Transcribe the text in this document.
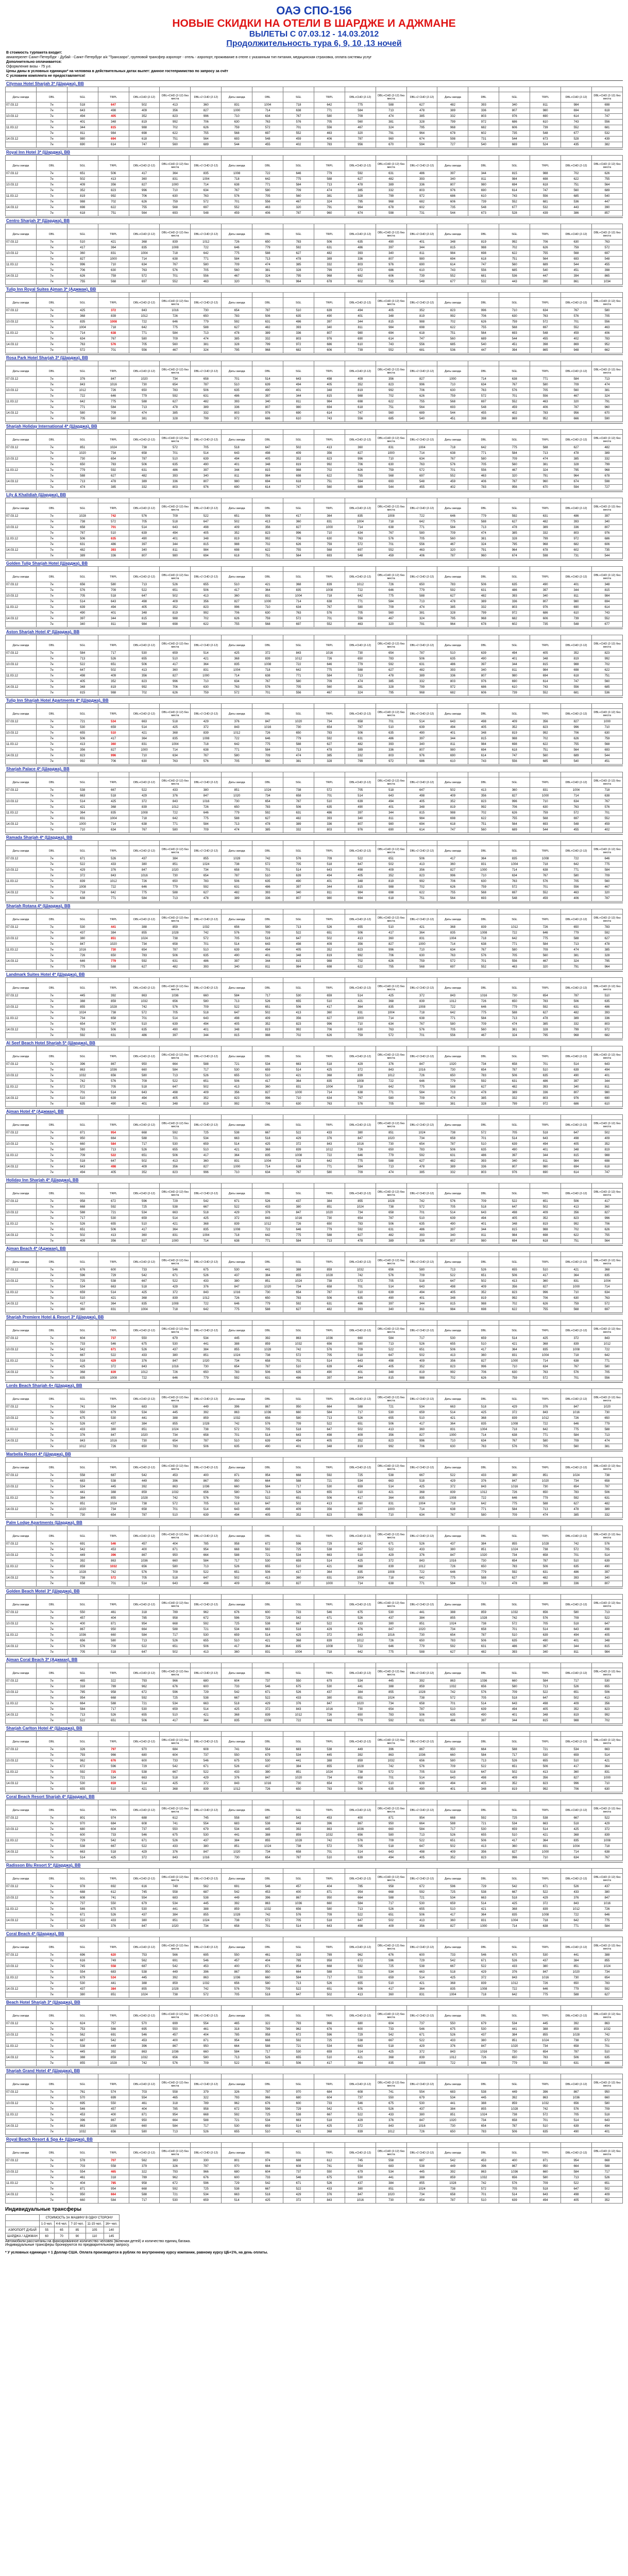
ОАЭ СПО-156
НОВЫЕ СКИДКИ НА ОТЕЛИ В ШАРДЖЕ И АДЖМАНЕ
ВЫЛЕТЫ С 07.03.12 - 14.03.2012
Продолжительность тура 6, 9, 10 ,13 ночей
В стоимость турпакета входит:
авиаперелет Санкт-Петербург - Дубай - Санкт-Петербург а/к "Трансаэро", групповой трансфер аэропорт - отель - аэропорт, проживание в отеле с указанным тип питания, медицинская страховка, оплата системы услуг
Дополнительно оплачивается:
Оформление визы - 75 у.е.
Цены даны в условных единицах* на человека в действительных датах вылет: данное гостеприимство по запросу за счёт
С условием комплекта не предоставляется!
Citymax Hotel Sharjah 3* (Шарджа), BB

Даты заезда	DBL	SGL	TRPL	DBL+CHD (2-12)	DBL+CHD (2-12) без места	DBL+2 CHD (2-12)	Даты заезда	DBL	SGL	TRPL	DBL+CHD (2-12)	DBL+CHD (2-12) без места	DBL+2 CHD (2-12)	Даты заезда	DBL	SGL	TRPL	DBL+CHD (2-12)	DBL+CHD (2-12) без места
07.03.12	7н	518	647	502	413	360	831	1004	718	642	775	588	627	482	393	340	811	984	698
	7н	643	498	409	356	827	1000	714	638	771	584	713	478	389	336	807	980	694	618
10.03.12	7н	494	405	352	823	996	710	634	767	580	709	474	385	332	803	976	690	614	747
	7н	401	348	819	992	706	630	763	576	705	560	381	328	799	972	686	610	743	556
11.03.12	7н	344	815	988	702	626	759	572	701	556	467	324	795	968	682	606	739	552	681
	7н	811	984	698	622	755	568	697	552	463	320	791	964	678	602	735	548	677	532
14.03.12	7н	980	694	618	751	564	693	548	459	406	787	960	674	598	731	544	673	528	439
	7н	690	614	747	560	689	544	455	402	783	956	670	594	727	540	669	524	435	382
Royal Inn Hotel 3* (Шарджа), BB

Даты заезда	DBL	SGL	TRPL	DBL+CHD (2-12)	DBL+CHD (2-12) без места	DBL+2 CHD (2-12)	Даты заезда	DBL	SGL	TRPL	DBL+CHD (2-12)	DBL+CHD (2-12) без места	DBL+2 CHD (2-12)	Даты заезда	DBL	SGL	TRPL	DBL+CHD (2-12)	DBL+CHD (2-12) без места
07.03.12	7н	651	506	417	364	835	1008	722	646	779	592	631	486	397	344	815	988	702	626
	7н	502	413	360	831	1004	718	642	775	588	627	482	393	340	811	984	698	622	755
10.03.12	7н	409	356	827	1000	714	638	771	584	713	478	389	336	807	980	694	618	751	564
	7н	352	823	996	710	634	767	580	709	474	385	332	803	976	690	614	747	560	689
11.03.12	7н	819	992	706	630	763	576	705	560	381	328	799	972	686	610	743	556	685	540
	7н	988	702	626	759	572	701	556	467	324	795	968	682	606	739	552	681	536	447
14.03.12	7н	698	622	755	568	697	552	463	320	791	964	678	602	735	548	677	532	443	390
	7н	618	751	564	693	548	459	406	787	960	674	598	731	544	673	528	439	386	857
Centro Sharjah 3* (Шарджа), BB

Даты заезда	DBL	SGL	TRPL	DBL+CHD (2-12)	DBL+CHD (2-12) без места	DBL+2 CHD (2-12)	Даты заезда	DBL	SGL	TRPL	DBL+CHD (2-12)	DBL+CHD (2-12) без места	DBL+2 CHD (2-12)	Даты заезда	DBL	SGL	TRPL	DBL+CHD (2-12)	DBL+CHD (2-12) без места
07.03.12	7н	510	421	368	839	1012	726	650	783	506	635	490	401	348	819	992	706	630	763
	7н	417	364	835	1008	722	646	779	592	631	486	397	344	815	988	702	626	759	572
10.03.12	7н	360	831	1004	718	642	775	588	627	482	393	340	811	984	698	622	755	568	697
	7н	827	1000	714	638	771	584	713	478	389	336	807	980	694	618	751	564	693	548
11.03.12	7н	996	710	634	767	580	709	474	385	332	803	976	690	614	747	560	689	544	455
	7н	706	630	763	576	705	560	381	328	799	972	686	610	743	556	685	540	451	398
14.03.12	7н	626	759	572	701	556	467	324	795	968	682	606	739	552	681	536	447	394	865
	7н	755	568	697	552	463	320	791	964	678	602	735	548	677	532	443	390	861	1034
Tulip Inn Royal Suites Ajman 3* (Аджман), BB

Даты заезда	DBL	SGL	TRPL	DBL+CHD (2-12)	DBL+CHD (2-12) без места	DBL+2 CHD (2-12)	Даты заезда	DBL	SGL	TRPL	DBL+CHD (2-12)	DBL+CHD (2-12) без места	DBL+2 CHD (2-12)	Даты заезда	DBL	SGL	TRPL	DBL+CHD (2-12)	DBL+CHD (2-12) без места
07.03.12	7н	425	372	843	1016	730	654	787	510	639	494	405	352	823	996	710	634	767	580
	7н	368	839	1012	726	650	783	506	635	490	401	348	819	992	706	630	763	576	705
10.03.12	7н	835	1008	722	646	779	592	631	486	397	344	815	988	702	626	759	572	701	556
	7н	1004	718	642	775	588	627	482	393	340	811	984	698	622	755	568	697	552	463
11.03.12	7н	714	638	771	584	713	478	389	336	807	980	694	618	751	564	693	548	459	406
	7н	634	767	580	709	474	385	332	803	976	690	614	747	560	689	544	455	402	783
14.03.12	7н	763	576	705	560	381	328	799	972	686	610	743	556	685	540	451	398	869	952
	7н	572	701	556	467	324	795	968	682	606	739	552	681	536	447	394	865	948	662
Rosa Park Hotel Sharjah 3* (Шарджа), BB

Даты заезда	DBL	SGL	TRPL	DBL+CHD (2-12)	DBL+CHD (2-12) без места	DBL+2 CHD (2-12)	Даты заезда	DBL	SGL	TRPL	DBL+CHD (2-12)	DBL+CHD (2-12) без места	DBL+2 CHD (2-12)	Даты заезда	DBL	SGL	TRPL	DBL+CHD (2-12)	DBL+CHD (2-12) без места
07.03.12	7н	376	847	1020	734	658	701	514	643	498	409	356	827	1000	714	638	771	584	713
	7н	843	1016	730	654	787	510	639	494	405	352	823	996	710	634	767	580	709	474
10.03.12	7н	1012	726	650	783	506	635	490	401	348	819	992	706	630	763	576	705	560	381
	7н	722	646	779	592	631	486	397	344	815	988	702	626	759	572	701	556	467	324
11.03.12	7н	642	775	588	627	482	393	340	811	984	698	622	755	568	697	552	463	320	791
	7н	771	584	713	478	389	336	807	980	694	618	751	564	693	548	459	406	787	960
14.03.12	7н	580	709	474	385	332	803	976	690	614	747	560	689	544	455	402	783	956	670
	7н	705	560	381	328	799	972	686	610	743	556	685	540	451	398	869	952	666	590
Sharjah Holiday International 4* (Шарджа), BB

Даты заезда	DBL	SGL	TRPL	DBL+CHD (2-12)	DBL+CHD (2-12) без места	DBL+2 CHD (2-12)	Даты заезда	DBL	SGL	TRPL	DBL+CHD (2-12)	DBL+CHD (2-12) без места	DBL+2 CHD (2-12)	Даты заезда	DBL	SGL	TRPL	DBL+CHD (2-12)	DBL+CHD (2-12) без места
07.03.12	7н	851	1024	738	572	705	518	647	502	413	360	831	1004	718	642	775	588	627	482
	7н	1020	734	658	701	514	643	498	409	356	827	1000	714	638	771	584	713	478	389
10.03.12	7н	730	654	787	510	639	494	405	352	823	996	710	634	767	580	709	474	385	332
	7н	650	783	506	635	490	401	348	819	992	706	630	763	576	705	560	381	328	799
11.03.12	7н	779	592	631	486	397	344	815	988	702	626	759	572	701	556	467	324	795	968
	7н	588	627	482	393	340	811	984	698	622	755	568	697	552	463	320	791	964	678
14.03.12	7н	713	478	389	336	807	980	694	618	751	564	693	548	459	406	787	960	674	598
	7н	474	385	332	803	976	690	614	747	560	689	544	455	402	783	956	670	594	727
Lily & Khalidiah (Шарджа), BB

Даты заезда	DBL	SGL	TRPL	DBL+CHD (2-12)	DBL+CHD (2-12) без места	DBL+2 CHD (2-12)	Даты заезда	DBL	SGL	TRPL	DBL+CHD (2-12)	DBL+CHD (2-12) без места	DBL+2 CHD (2-12)	Даты заезда	DBL	SGL	TRPL	DBL+CHD (2-12)	DBL+CHD (2-12) без места
07.03.12	7н	1028	742	576	709	522	651	506	417	364	835	1008	722	646	779	592	631	486	397
	7н	738	572	705	518	647	502	413	360	831	1004	718	642	775	588	627	482	393	340
10.03.12	7н	658	701	514	643	498	409	356	827	1000	714	638	771	584	713	478	389	336	807
	7н	787	510	639	494	405	352	823	996	710	634	767	580	709	474	385	332	803	976
11.03.12	7н	506	635	490	401	348	819	992	706	630	763	576	705	560	381	328	799	972	686
	7н	631	486	397	344	815	988	702	626	759	572	701	556	467	324	795	968	682	606
14.03.12	7н	482	393	340	811	984	698	622	755	568	697	552	463	320	791	964	678	602	735
	7н	389	336	807	980	694	618	751	564	693	548	459	406	787	960	674	598	731	544
Golden Tulip Sharjah Hotel (Шарджа), BB

Даты заезда	DBL	SGL	TRPL	DBL+CHD (2-12)	DBL+CHD (2-12) без места	DBL+2 CHD (2-12)	Даты заезда	DBL	SGL	TRPL	DBL+CHD (2-12)	DBL+CHD (2-12) без места	DBL+2 CHD (2-12)	Даты заезда	DBL	SGL	TRPL	DBL+CHD (2-12)	DBL+CHD (2-12) без места
07.03.12	7н	656	580	713	526	655	510	421	368	839	1012	726	650	783	506	635	490	401	348
	7н	576	709	522	651	506	417	364	835	1008	722	646	779	592	631	486	397	344	815
10.03.12	7н	705	518	647	502	413	360	831	1004	718	642	775	588	627	482	393	340	811	984
	7н	514	643	498	409	356	827	1000	714	638	771	584	713	478	389	336	807	980	694
11.03.12	7н	639	494	405	352	823	996	710	634	767	580	709	474	385	332	803	976	690	614
	7н	490	401	348	819	992	706	630	763	576	705	560	381	328	799	972	686	610	743
14.03.12	7н	397	344	815	988	702	626	759	572	701	556	467	324	795	968	682	606	739	552
	7н	340	811	984	698	622	755	568	697	552	463	320	791	964	678	602	735	548	677
Aston Sharjah Hotel 4* (Шарджа), BB

Даты заезда	DBL	SGL	TRPL	DBL+CHD (2-12)	DBL+CHD (2-12) без места	DBL+2 CHD (2-12)	Даты заезда	DBL	SGL	TRPL	DBL+CHD (2-12)	DBL+CHD (2-12) без места	DBL+2 CHD (2-12)	Даты заезда	DBL	SGL	TRPL	DBL+CHD (2-12)	DBL+CHD (2-12) без места
07.03.12	7н	584	717	530	659	514	425	372	843	1016	730	654	787	510	639	494	405	352	823
	7н	713	526	655	510	421	368	839	1012	726	650	783	506	635	490	401	348	819	992
10.03.12	7н	522	651	506	417	364	835	1008	722	646	779	592	631	486	397	344	815	988	702
	7н	647	502	413	360	831	1004	718	642	775	588	627	482	393	340	811	984	698	622
11.03.12	7н	498	409	356	827	1000	714	638	771	584	713	478	389	336	807	980	694	618	751
	7н	405	352	823	996	710	634	767	580	709	474	385	332	803	976	690	614	747	560
14.03.12	7н	348	819	992	706	630	763	576	705	560	381	328	799	972	686	610	743	556	685
	7н	815	988	702	626	759	572	701	556	467	324	795	968	682	606	739	552	681	536
Tulip Inn Sharjah Hotel Apartments 4* (Шарджа), BB

Даты заезда	DBL	SGL	TRPL	DBL+CHD (2-12)	DBL+CHD (2-12) без места	DBL+2 CHD (2-12)	Даты заезда	DBL	SGL	TRPL	DBL+CHD (2-12)	DBL+CHD (2-12) без места	DBL+2 CHD (2-12)	Даты заезда	DBL	SGL	TRPL	DBL+CHD (2-12)	DBL+CHD (2-12) без места
07.03.12	7н	721	534	663	518	429	376	847	1020	734	658	701	514	643	498	409	356	827	1000
	7н	530	659	514	425	372	843	1016	730	654	787	510	639	494	405	352	823	996	710
10.03.12	7н	655	510	421	368	839	1012	726	650	783	506	635	490	401	348	819	992	706	630
	7н	506	417	364	835	1008	722	646	779	592	631	486	397	344	815	988	702	626	759
11.03.12	7н	413	360	831	1004	718	642	775	588	627	482	393	340	811	984	698	622	755	568
	7н	356	827	1000	714	638	771	584	713	478	389	336	807	980	694	618	751	564	693
14.03.12	7н	823	996	710	634	767	580	709	474	385	332	803	976	690	614	747	560	689	544
	7н	992	706	630	763	576	705	560	381	328	799	972	686	610	743	556	685	540	451
Sharjah Palace 4* (Шарджа), BB

Даты заезда	DBL	SGL	TRPL	DBL+CHD (2-12)	DBL+CHD (2-12) без места	DBL+2 CHD (2-12)	Даты заезда	DBL	SGL	TRPL	DBL+CHD (2-12)	DBL+CHD (2-12) без места	DBL+2 CHD (2-12)	Даты заезда	DBL	SGL	TRPL	DBL+CHD (2-12)	DBL+CHD (2-12) без места
07.03.12	7н	538	667	522	433	380	851	1024	738	572	705	518	647	502	413	360	831	1004	718
	7н	663	518	429	376	847	1020	734	658	701	514	643	498	409	356	827	1000	714	638
10.03.12	7н	514	425	372	843	1016	730	654	787	510	639	494	405	352	823	996	710	634	767
	7н	421	368	839	1012	726	650	783	506	635	490	401	348	819	992	706	630	763	576
11.03.12	7н	364	835	1008	722	646	779	592	631	486	397	344	815	988	702	626	759	572	701
	7н	831	1004	718	642	775	588	627	482	393	340	811	984	698	622	755	568	697	552
14.03.12	7н	1000	714	638	771	584	713	478	389	336	807	980	694	618	751	564	693	548	459
	7н	710	634	767	580	709	474	385	332	803	976	690	614	747	560	689	544	455	402
Ramada Sharjah 4* (Шарджа), BB

Даты заезда	DBL	SGL	TRPL	DBL+CHD (2-12)	DBL+CHD (2-12) без места	DBL+2 CHD (2-12)	Даты заезда	DBL	SGL	TRPL	DBL+CHD (2-12)	DBL+CHD (2-12) без места	DBL+2 CHD (2-12)	Даты заезда	DBL	SGL	TRPL	DBL+CHD (2-12)	DBL+CHD (2-12) без места
07.03.12	7н	671	526	437	384	855	1028	742	576	709	522	651	506	417	364	835	1008	722	646
	7н	522	433	380	851	1024	738	572	705	518	647	502	413	360	831	1004	718	642	775
10.03.12	7н	429	376	847	1020	734	658	701	514	643	498	409	356	827	1000	714	638	771	584
	7н	372	843	1016	730	654	787	510	639	494	405	352	823	996	710	634	767	580	709
11.03.12	7н	839	1012	726	650	783	506	635	490	401	348	819	992	706	630	763	576	705	560
	7н	1008	722	646	779	592	631	486	397	344	815	988	702	626	759	572	701	556	467
14.03.12	7н	718	642	775	588	627	482	393	340	811	984	698	622	755	568	697	552	463	320
	7н	638	771	584	713	478	389	336	807	980	694	618	751	564	693	548	459	406	787
Sharjah Rotana 4* (Шарджа), BB

Даты заезда	DBL	SGL	TRPL	DBL+CHD (2-12)	DBL+CHD (2-12) без места	DBL+2 CHD (2-12)	Даты заезда	DBL	SGL	TRPL	DBL+CHD (2-12)	DBL+CHD (2-12) без места	DBL+2 CHD (2-12)	Даты заезда	DBL	SGL	TRPL	DBL+CHD (2-12)	DBL+CHD (2-12) без места
07.03.12	7н	530	441	388	859	1032	656	580	713	526	655	510	421	368	839	1012	726	650	783
	7н	437	384	855	1028	742	576	709	522	651	506	417	364	835	1008	722	646	779	592
10.03.12	7н	380	851	1024	738	572	705	518	647	502	413	360	831	1004	718	642	775	588	627
	7н	847	1020	734	658	701	514	643	498	409	356	827	1000	714	638	771	584	713	478
11.03.12	7н	1016	730	654	787	510	639	494	405	352	823	996	710	634	767	580	709	474	385
	7н	726	650	783	506	635	490	401	348	819	992	706	630	763	576	705	560	381	328
14.03.12	7н	646	779	592	631	486	397	344	815	988	702	626	759	572	701	556	467	324	795
	7н	775	588	627	482	393	340	811	984	698	622	755	568	697	552	463	320	791	964
Landmark Suites Hotel 4* (Шарджа), BB

Даты заезда	DBL	SGL	TRPL	DBL+CHD (2-12)	DBL+CHD (2-12) без места	DBL+2 CHD (2-12)	Даты заезда	DBL	SGL	TRPL	DBL+CHD (2-12)	DBL+CHD (2-12) без места	DBL+2 CHD (2-12)	Даты заезда	DBL	SGL	TRPL	DBL+CHD (2-12)	DBL+CHD (2-12) без места
07.03.12	7н	445	392	863	1036	660	584	717	530	659	514	425	372	843	1016	730	654	787	510
	7н	388	859	1032	656	580	713	526	655	510	421	368	839	1012	726	650	783	506	635
10.03.12	7н	855	1028	742	576	709	522	651	506	417	364	835	1008	722	646	779	592	631	486
	7н	1024	738	572	705	518	647	502	413	360	831	1004	718	642	775	588	627	482	393
11.03.12	7н	734	658	701	514	643	498	409	356	827	1000	714	638	771	584	713	478	389	336
	7н	654	787	510	639	494	405	352	823	996	710	634	767	580	709	474	385	332	803
14.03.12	7н	783	506	635	490	401	348	819	992	706	630	763	576	705	560	381	328	799	972
	7н	592	631	486	397	344	815	988	702	626	759	572	701	556	467	324	795	968	682
Al Seef Beach Hotel Sharjah 5* (Шарджа), BB

Даты заезда	DBL	SGL	TRPL	DBL+CHD (2-12)	DBL+CHD (2-12) без места	DBL+2 CHD (2-12)	Даты заезда	DBL	SGL	TRPL	DBL+CHD (2-12)	DBL+CHD (2-12) без места	DBL+2 CHD (2-12)	Даты заезда	DBL	SGL	TRPL	DBL+CHD (2-12)	DBL+CHD (2-12) без места
07.03.12	7н	396	867	950	664	588	721	534	663	518	429	376	847	1020	734	658	701	514	643
	7н	863	1036	660	584	717	530	659	514	425	372	843	1016	730	654	787	510	639	494
10.03.12	7н	1032	656	580	713	526	655	510	421	368	839	1012	726	650	783	506	635	490	401
	7н	742	576	709	522	651	506	417	364	835	1008	722	646	779	592	631	486	397	344
11.03.12	7н	572	705	518	647	502	413	360	831	1004	718	642	775	588	627	482	393	340	811
	7н	701	514	643	498	409	356	827	1000	714	638	771	584	713	478	389	336	807	980
14.03.12	7н	510	639	494	405	352	823	996	710	634	767	580	709	474	385	332	803	976	690
	7н	635	490	401	348	819	992	706	630	763	576	705	560	381	328	799	972	686	610
Ajman Hotel 4* (Аджман), BB

Даты заезда	DBL	SGL	TRPL	DBL+CHD (2-12)	DBL+CHD (2-12) без места	DBL+2 CHD (2-12)	Даты заезда	DBL	SGL	TRPL	DBL+CHD (2-12)	DBL+CHD (2-12) без места	DBL+2 CHD (2-12)	Даты заезда	DBL	SGL	TRPL	DBL+CHD (2-12)	DBL+CHD (2-12) без места
07.03.12	7н	871	954	668	592	725	538	667	522	433	380	851	1024	738	572	705	518	647	502
	7н	950	664	588	721	534	663	518	429	376	847	1020	734	658	701	514	643	498	409
10.03.12	7н	660	584	717	530	659	514	425	372	843	1016	730	654	787	510	639	494	405	352
	7н	580	713	526	655	510	421	368	839	1012	726	650	783	506	635	490	401	348	819
11.03.12	7н	709	522	651	506	417	364	835	1008	722	646	779	592	631	486	397	344	815	988
	7н	518	647	502	413	360	831	1004	718	642	775	588	627	482	393	340	811	984	698
14.03.12	7н	643	498	409	356	827	1000	714	638	771	584	713	478	389	336	807	980	694	618
	7н	494	405	352	823	996	710	634	767	580	709	474	385	332	803	976	690	614	747
Holiday Inn Sharjah 4* (Шарджа), BB

Даты заезда	DBL	SGL	TRPL	DBL+CHD (2-12)	DBL+CHD (2-12) без места	DBL+2 CHD (2-12)	Даты заезда	DBL	SGL	TRPL	DBL+CHD (2-12)	DBL+CHD (2-12) без места	DBL+2 CHD (2-12)	Даты заезда	DBL	SGL	TRPL	DBL+CHD (2-12)	DBL+CHD (2-12) без места
07.03.12	7н	958	672	596	729	542	671	526	437	384	855	1028	742	576	709	522	651	506	417
	7н	668	592	725	538	667	522	433	380	851	1024	738	572	705	518	647	502	413	360
10.03.12	7н	588	721	534	663	518	429	376	847	1020	734	658	701	514	643	498	409	356	827
	7н	717	530	659	514	425	372	843	1016	730	654	787	510	639	494	405	352	823	996
11.03.12	7н	526	655	510	421	368	839	1012	726	650	783	506	635	490	401	348	819	992	706
	7н	651	506	417	364	835	1008	722	646	779	592	631	486	397	344	815	988	702	626
14.03.12	7н	502	413	360	831	1004	718	642	775	588	627	482	393	340	811	984	698	622	755
	7н	409	356	827	1000	714	638	771	584	713	478	389	336	807	980	694	618	751	564
Ajman Beach 4* (Аджман), BB

Даты заезда	DBL	SGL	TRPL	DBL+CHD (2-12)	DBL+CHD (2-12) без места	DBL+2 CHD (2-12)	Даты заезда	DBL	SGL	TRPL	DBL+CHD (2-12)	DBL+CHD (2-12) без места	DBL+2 CHD (2-12)	Даты заезда	DBL	SGL	TRPL	DBL+CHD (2-12)	DBL+CHD (2-12) без места
07.03.12	7н	676	600	733	546	675	530	441	388	859	1032	656	580	713	526	655	510	421	368
	7н	596	729	542	671	526	437	384	855	1028	742	576	709	522	651	506	417	364	835
10.03.12	7н	725	538	667	522	433	380	851	1024	738	572	705	518	647	502	413	360	831	1004
	7н	534	663	518	429	376	847	1020	734	658	701	514	643	498	409	356	827	1000	714
11.03.12	7н	659	514	425	372	843	1016	730	654	787	510	639	494	405	352	823	996	710	634
	7н	510	421	368	839	1012	726	650	783	506	635	490	401	348	819	992	706	630	763
14.03.12	7н	417	364	835	1008	722	646	779	592	631	486	397	344	815	988	702	626	759	572
	7н	360	831	1004	718	642	775	588	627	482	393	340	811	984	698	622	755	568	697
Sharjah Premiere Hotel & Resort 3* (Шарджа), BB

Даты заезда	DBL	SGL	TRPL	DBL+CHD (2-12)	DBL+CHD (2-12) без места	DBL+2 CHD (2-12)	Даты заезда	DBL	SGL	TRPL	DBL+CHD (2-12)	DBL+CHD (2-12) без места	DBL+2 CHD (2-12)	Даты заезда	DBL	SGL	TRPL	DBL+CHD (2-12)	DBL+CHD (2-12) без места
07.03.12	7н	604	737	550	679	534	445	392	863	1036	660	584	717	530	659	514	425	372	843
	7н	733	546	675	530	441	388	859	1032	656	580	713	526	655	510	421	368	839	1012
10.03.12	7н	542	671	526	437	384	855	1028	742	576	709	522	651	506	417	364	835	1008	722
	7н	667	522	433	380	851	1024	738	572	705	518	647	502	413	360	831	1004	718	642
11.03.12	7н	518	429	376	847	1020	734	658	701	514	643	498	409	356	827	1000	714	638	771
	7н	425	372	843	1016	730	654	787	510	639	494	405	352	823	996	710	634	767	580
14.03.12	7н	368	839	1012	726	650	783	506	635	490	401	348	819	992	706	630	763	576	705
	7н	835	1008	722	646	779	592	631	486	397	344	815	988	702	626	759	572	701	556
Lords Beach Sharjah 4+ (Шарджа), BB

Даты заезда	DBL	SGL	TRPL	DBL+CHD (2-12)	DBL+CHD (2-12) без места	DBL+2 CHD (2-12)	Даты заезда	DBL	SGL	TRPL	DBL+CHD (2-12)	DBL+CHD (2-12) без места	DBL+2 CHD (2-12)	Даты заезда	DBL	SGL	TRPL	DBL+CHD (2-12)	DBL+CHD (2-12) без места
07.03.12	7н	741	554	683	538	449	396	867	950	664	588	721	534	663	518	429	376	847	1020
	7н	550	679	534	445	392	863	1036	660	584	717	530	659	514	425	372	843	1016	730
10.03.12	7н	675	530	441	388	859	1032	656	580	713	526	655	510	421	368	839	1012	726	650
	7н	526	437	384	855	1028	742	576	709	522	651	506	417	364	835	1008	722	646	779
11.03.12	7н	433	380	851	1024	738	572	705	518	647	502	413	360	831	1004	718	642	775	588
	7н	376	847	1020	734	658	701	514	643	498	409	356	827	1000	714	638	771	584	713
14.03.12	7н	843	1016	730	654	787	510	639	494	405	352	823	996	710	634	767	580	709	474
	7н	1012	726	650	783	506	635	490	401	348	819	992	706	630	763	576	705	560	381
Marbella Resort 4* (Шарджа), BB

Даты заезда	DBL	SGL	TRPL	DBL+CHD (2-12)	DBL+CHD (2-12) без места	DBL+2 CHD (2-12)	Даты заезда	DBL	SGL	TRPL	DBL+CHD (2-12)	DBL+CHD (2-12) без места	DBL+2 CHD (2-12)	Даты заезда	DBL	SGL	TRPL	DBL+CHD (2-12)	DBL+CHD (2-12) без места
07.03.12	7н	558	687	542	453	400	871	954	668	592	725	538	667	522	433	380	851	1024	738
	7н	683	538	449	396	867	950	664	588	721	534	663	518	429	376	847	1020	734	658
10.03.12	7н	534	445	392	863	1036	660	584	717	530	659	514	425	372	843	1016	730	654	787
	7н	441	388	859	1032	656	580	713	526	655	510	421	368	839	1012	726	650	783	506
11.03.12	7н	384	855	1028	742	576	709	522	651	506	417	364	835	1008	722	646	779	592	631
	7н	851	1024	738	572	705	518	647	502	413	360	831	1004	718	642	775	588	627	482
14.03.12	7н	1020	734	658	701	514	643	498	409	356	827	1000	714	638	771	584	713	478	389
	7н	730	654	787	510	639	494	405	352	823	996	710	634	767	580	709	474	385	332
Palm Lodge Apartments (Шарджа), BB

Даты заезда	DBL	SGL	TRPL	DBL+CHD (2-12)	DBL+CHD (2-12) без места	DBL+2 CHD (2-12)	Даты заезда	DBL	SGL	TRPL	DBL+CHD (2-12)	DBL+CHD (2-12) без места	DBL+2 CHD (2-12)	Даты заезда	DBL	SGL	TRPL	DBL+CHD (2-12)	DBL+CHD (2-12) без места
07.03.12	7н	691	546	457	404	785	958	672	596	729	542	671	526	437	384	855	1028	742	576
	7н	542	453	400	871	954	668	592	725	538	667	522	433	380	851	1024	738	572	705
10.03.12	7н	449	396	867	950	664	588	721	534	663	518	429	376	847	1020	734	658	701	514
	7н	392	863	1036	660	584	717	530	659	514	425	372	843	1016	730	654	787	510	639
11.03.12	7н	859	1032	656	580	713	526	655	510	421	368	839	1012	726	650	783	506	635	490
	7н	1028	742	576	709	522	651	506	417	364	835	1008	722	646	779	592	631	486	397
14.03.12	7н	738	572	705	518	647	502	413	360	831	1004	718	642	775	588	627	482	393	340
	7н	658	701	514	643	498	409	356	827	1000	714	638	771	584	713	478	389	336	807
Golden Beach Motel 3* (Шарджа), BB

Даты заезда	DBL	SGL	TRPL	DBL+CHD (2-12)	DBL+CHD (2-12) без места	DBL+2 CHD (2-12)	Даты заезда	DBL	SGL	TRPL	DBL+CHD (2-12)	DBL+CHD (2-12) без места	DBL+2 CHD (2-12)	Даты заезда	DBL	SGL	TRPL	DBL+CHD (2-12)	DBL+CHD (2-12) без места
07.03.12	7н	550	461	318	789	962	676	600	733	546	675	530	441	388	859	1032	656	580	713
	7н	457	404	785	958	672	596	729	542	671	526	437	384	855	1028	742	576	709	522
10.03.12	7н	400	871	954	668	592	725	538	667	522	433	380	851	1024	738	572	705	518	647
	7н	867	950	664	588	721	534	663	518	429	376	847	1020	734	658	701	514	643	498
11.03.12	7н	1036	660	584	717	530	659	514	425	372	843	1016	730	654	787	510	639	494	405
	7н	656	580	713	526	655	510	421	368	839	1012	726	650	783	506	635	490	401	348
14.03.12	7н	576	709	522	651	506	417	364	835	1008	722	646	779	592	631	486	397	344	815
	7н	705	518	647	502	413	360	831	1004	718	642	775	588	627	482	393	340	811	984
Ajman Coral Beach 3* (Аджман), BB

Даты заезда	DBL	SGL	TRPL	DBL+CHD (2-12)	DBL+CHD (2-12) без места	DBL+2 CHD (2-12)	Даты заезда	DBL	SGL	TRPL	DBL+CHD (2-12)	DBL+CHD (2-12) без места	DBL+2 CHD (2-12)	Даты заезда	DBL	SGL	TRPL	DBL+CHD (2-12)	DBL+CHD (2-12) без места
07.03.12	7н	465	322	793	966	680	604	737	550	679	534	445	392	863	1036	660	584	717	530
	7н	318	789	962	676	600	733	546	675	530	441	388	859	1032	656	580	713	526	655
10.03.12	7н	785	958	672	596	729	542	671	526	437	384	855	1028	742	576	709	522	651	506
	7н	954	668	592	725	538	667	522	433	380	851	1024	738	572	705	518	647	502	413
11.03.12	7н	664	588	721	534	663	518	429	376	847	1020	734	658	701	514	643	498	409	356
	7н	584	717	530	659	514	425	372	843	1016	730	654	787	510	639	494	405	352	823
14.03.12	7н	713	526	655	510	421	368	839	1012	726	650	783	506	635	490	401	348	819	992
	7н	522	651	506	417	364	835	1008	722	646	779	592	631	486	397	344	815	988	702
Sharjah Carlton Hotel 4* (Шарджа), BB

Даты заезда	DBL	SGL	TRPL	DBL+CHD (2-12)	DBL+CHD (2-12) без места	DBL+2 CHD (2-12)	Даты заезда	DBL	SGL	TRPL	DBL+CHD (2-12)	DBL+CHD (2-12) без места	DBL+2 CHD (2-12)	Даты заезда	DBL	SGL	TRPL	DBL+CHD (2-12)	DBL+CHD (2-12) без места
07.03.12	7н	326	797	970	684	608	741	554	683	538	449	396	867	950	664	588	721	534	663
	7н	793	966	680	604	737	550	679	534	445	392	863	1036	660	584	717	530	659	514
10.03.12	7н	962	676	600	733	546	675	530	441	388	859	1032	656	580	713	526	655	510	421
	7н	672	596	729	542	671	526	437	384	855	1028	742	576	709	522	651	506	417	364
11.03.12	7н	592	725	538	667	522	433	380	851	1024	738	572	705	518	647	502	413	360	831
	7н	721	534	663	518	429	376	847	1020	734	658	701	514	643	498	409	356	827	1000
14.03.12	7н	530	659	514	425	372	843	1016	730	654	787	510	639	494	405	352	823	996	710
	7н	655	510	421	368	839	1012	726	650	783	506	635	490	401	348	819	992	706	630
Coral Beach Resort Sharjah 4* (Шарджа), BB

Даты заезда	DBL	SGL	TRPL	DBL+CHD (2-12)	DBL+CHD (2-12) без места	DBL+2 CHD (2-12)	Даты заезда	DBL	SGL	TRPL	DBL+CHD (2-12)	DBL+CHD (2-12) без места	DBL+2 CHD (2-12)	Даты заезда	DBL	SGL	TRPL	DBL+CHD (2-12)	DBL+CHD (2-12) без места
07.03.12	7н	801	974	688	612	745	558	687	542	453	400	871	954	668	592	725	538	667	522
	7н	970	684	608	741	554	683	538	449	396	867	950	664	588	721	534	663	518	429
10.03.12	7н	680	604	737	550	679	534	445	392	863	1036	660	584	717	530	659	514	425	372
	7н	600	733	546	675	530	441	388	859	1032	656	580	713	526	655	510	421	368	839
11.03.12	7н	729	542	671	526	437	384	855	1028	742	576	709	522	651	506	417	364	835	1008
	7н	538	667	522	433	380	851	1024	738	572	705	518	647	502	413	360	831	1004	718
14.03.12	7н	663	518	429	376	847	1020	734	658	701	514	643	498	409	356	827	1000	714	638
	7н	514	425	372	843	1016	730	654	787	510	639	494	405	352	823	996	710	634	767
Radisson Blu Resort 5* (Шарджа), BB

Даты заезда	DBL	SGL	TRPL	DBL+CHD (2-12)	DBL+CHD (2-12) без места	DBL+2 CHD (2-12)	Даты заезда	DBL	SGL	TRPL	DBL+CHD (2-12)	DBL+CHD (2-12) без места	DBL+2 CHD (2-12)	Даты заезда	DBL	SGL	TRPL	DBL+CHD (2-12)	DBL+CHD (2-12) без места
07.03.12	7н	978	692	616	749	562	691	546	457	404	785	958	672	596	729	542	671	526	437
	7н	688	612	745	558	687	542	453	400	871	954	668	592	725	538	667	522	433	380
10.03.12	7н	608	741	554	683	538	449	396	867	950	664	588	721	534	663	518	429	376	847
	7н	737	550	679	534	445	392	863	1036	660	584	717	530	659	514	425	372	843	1016
11.03.12	7н	546	675	530	441	388	859	1032	656	580	713	526	655	510	421	368	839	1012	726
	7н	671	526	437	384	855	1028	742	576	709	522	651	506	417	364	835	1008	722	646
14.03.12	7н	522	433	380	851	1024	738	572	705	518	647	502	413	360	831	1004	718	642	775
	7н	429	376	847	1020	734	658	701	514	643	498	409	356	827	1000	714	638	771	584
Coral Beach 4* (Шарджа), BB

Даты заезда	DBL	SGL	TRPL	DBL+CHD (2-12)	DBL+CHD (2-12) без места	DBL+2 CHD (2-12)	Даты заезда	DBL	SGL	TRPL	DBL+CHD (2-12)	DBL+CHD (2-12) без места	DBL+2 CHD (2-12)	Даты заезда	DBL	SGL	TRPL	DBL+CHD (2-12)	DBL+CHD (2-12) без места
07.03.12	7н	696	620	753	566	695	550	461	318	789	962	676	600	733	546	675	530	441	388
	7н	616	749	562	691	546	457	404	785	958	672	596	729	542	671	526	437	384	855
10.03.12	7н	745	558	687	542	453	400	871	954	668	592	725	538	667	522	433	380	851	1024
	7н	554	683	538	449	396	867	950	664	588	721	534	663	518	429	376	847	1020	734
11.03.12	7н	679	534	445	392	863	1036	660	584	717	530	659	514	425	372	843	1016	730	654
	7н	530	441	388	859	1032	656	580	713	526	655	510	421	368	839	1012	726	650	783
14.03.12	7н	437	384	855	1028	742	576	709	522	651	506	417	364	835	1008	722	646	779	592
	7н	380	851	1024	738	572	705	518	647	502	413	360	831	1004	718	642	775	588	627
Beach Hotel Sharjah 3* (Шарджа), BB

Даты заезда	DBL	SGL	TRPL	DBL+CHD (2-12)	DBL+CHD (2-12) без места	DBL+2 CHD (2-12)	Даты заезда	DBL	SGL	TRPL	DBL+CHD (2-12)	DBL+CHD (2-12) без места	DBL+2 CHD (2-12)	Даты заезда	DBL	SGL	TRPL	DBL+CHD (2-12)	DBL+CHD (2-12) без места
07.03.12	7н	624	757	570	699	554	465	322	793	966	680	604	737	550	679	534	445	392	863
	7н	753	566	695	550	461	318	789	962	676	600	733	546	675	530	441	388	859	1032
10.03.12	7н	562	691	546	457	404	785	958	672	596	729	542	671	526	437	384	855	1028	742
	7н	687	542	453	400	871	954	668	592	725	538	667	522	433	380	851	1024	738	572
11.03.12	7н	538	449	396	867	950	664	588	721	534	663	518	429	376	847	1020	734	658	701
	7н	445	392	863	1036	660	584	717	530	659	514	425	372	843	1016	730	654	787	510
14.03.12	7н	388	859	1032	656	580	713	526	655	510	421	368	839	1012	726	650	783	506	635
	7н	855	1028	742	576	709	522	651	506	417	364	835	1008	722	646	779	592	631	486
Sharjah Grand Hotel 4* (Шарджа), BB

Даты заезда	DBL	SGL	TRPL	DBL+CHD (2-12)	DBL+CHD (2-12) без места	DBL+2 CHD (2-12)	Даты заезда	DBL	SGL	TRPL	DBL+CHD (2-12)	DBL+CHD (2-12) без места	DBL+2 CHD (2-12)	Даты заезда	DBL	SGL	TRPL	DBL+CHD (2-12)	DBL+CHD (2-12) без места
07.03.12	7н	761	574	703	558	379	326	797	970	684	608	741	554	683	538	449	396	867	950
	7н	570	699	554	465	322	793	966	680	604	737	550	679	534	445	392	863	1036	660
10.03.12	7н	695	550	461	318	789	962	676	600	733	546	675	530	441	388	859	1032	656	580
	7н	546	457	404	785	958	672	596	729	542	671	526	437	384	855	1028	742	576	709
11.03.12	7н	453	400	871	954	668	592	725	538	667	522	433	380	851	1024	738	572	705	518
	7н	396	867	950	664	588	721	534	663	518	429	376	847	1020	734	658	701	514	643
14.03.12	7н	863	1036	660	584	717	530	659	514	425	372	843	1016	730	654	787	510	639	494
	7н	1032	656	580	713	526	655	510	421	368	839	1012	726	650	783	506	635	490	401
Royal Beach Resort & Spa 4+ (Шарджа), BB

Даты заезда	DBL	SGL	TRPL	DBL+CHD (2-12)	DBL+CHD (2-12) без места	DBL+2 CHD (2-12)	Даты заезда	DBL	SGL	TRPL	DBL+CHD (2-12)	DBL+CHD (2-12) без места	DBL+2 CHD (2-12)	Даты заезда	DBL	SGL	TRPL	DBL+CHD (2-12)	DBL+CHD (2-12) без места
07.03.12	7н	578	707	562	383	330	801	974	688	612	745	558	687	542	453	400	871	954	668
	7н	703	558	379	326	797	970	684	608	741	554	683	538	449	396	867	950	664	588
10.03.12	7н	554	465	322	793	966	680	604	737	550	679	534	445	392	863	1036	660	584	717
	7н	461	318	789	962	676	600	733	546	675	530	441	388	859	1032	656	580	713	526
11.03.12	7н	404	785	958	672	596	729	542	671	526	437	384	855	1028	742	576	709	522	651
	7н	871	954	668	592	725	538	667	522	433	380	851	1024	738	572	705	518	647	502
14.03.12	7н	950	664	588	721	534	663	518	429	376	847	1020	734	658	701	514	643	498	409
	7н	660	584	717	530	659	514	425	372	843	1016	730	654	787	510	639	494	405	352
Индивидуальные трансферы
	СТОИМОСТЬ ЗА МАШИНУ В ОДНУ СТОРОНУ				
	1-3 чел.	4-6 чел.	7-10 чел.	11-15 чел.	16+ чел.
АЭРОПОРТ ДУБАЙ	55	65	85	105	140
ШАРДЖА / АДЖМАН	60	70	90	110	145
Автомобили рассчитаны на фиксированное количество человек (включая детей) и количество единиц багажа.
Индивидуальные трансферы бронируются по предварительному запросу.
* У условных единицах = 1 Доллар США. Оплата производится в рублях по внутреннему курсу компании, равному курсу ЦБ+1%, на день оплаты.
